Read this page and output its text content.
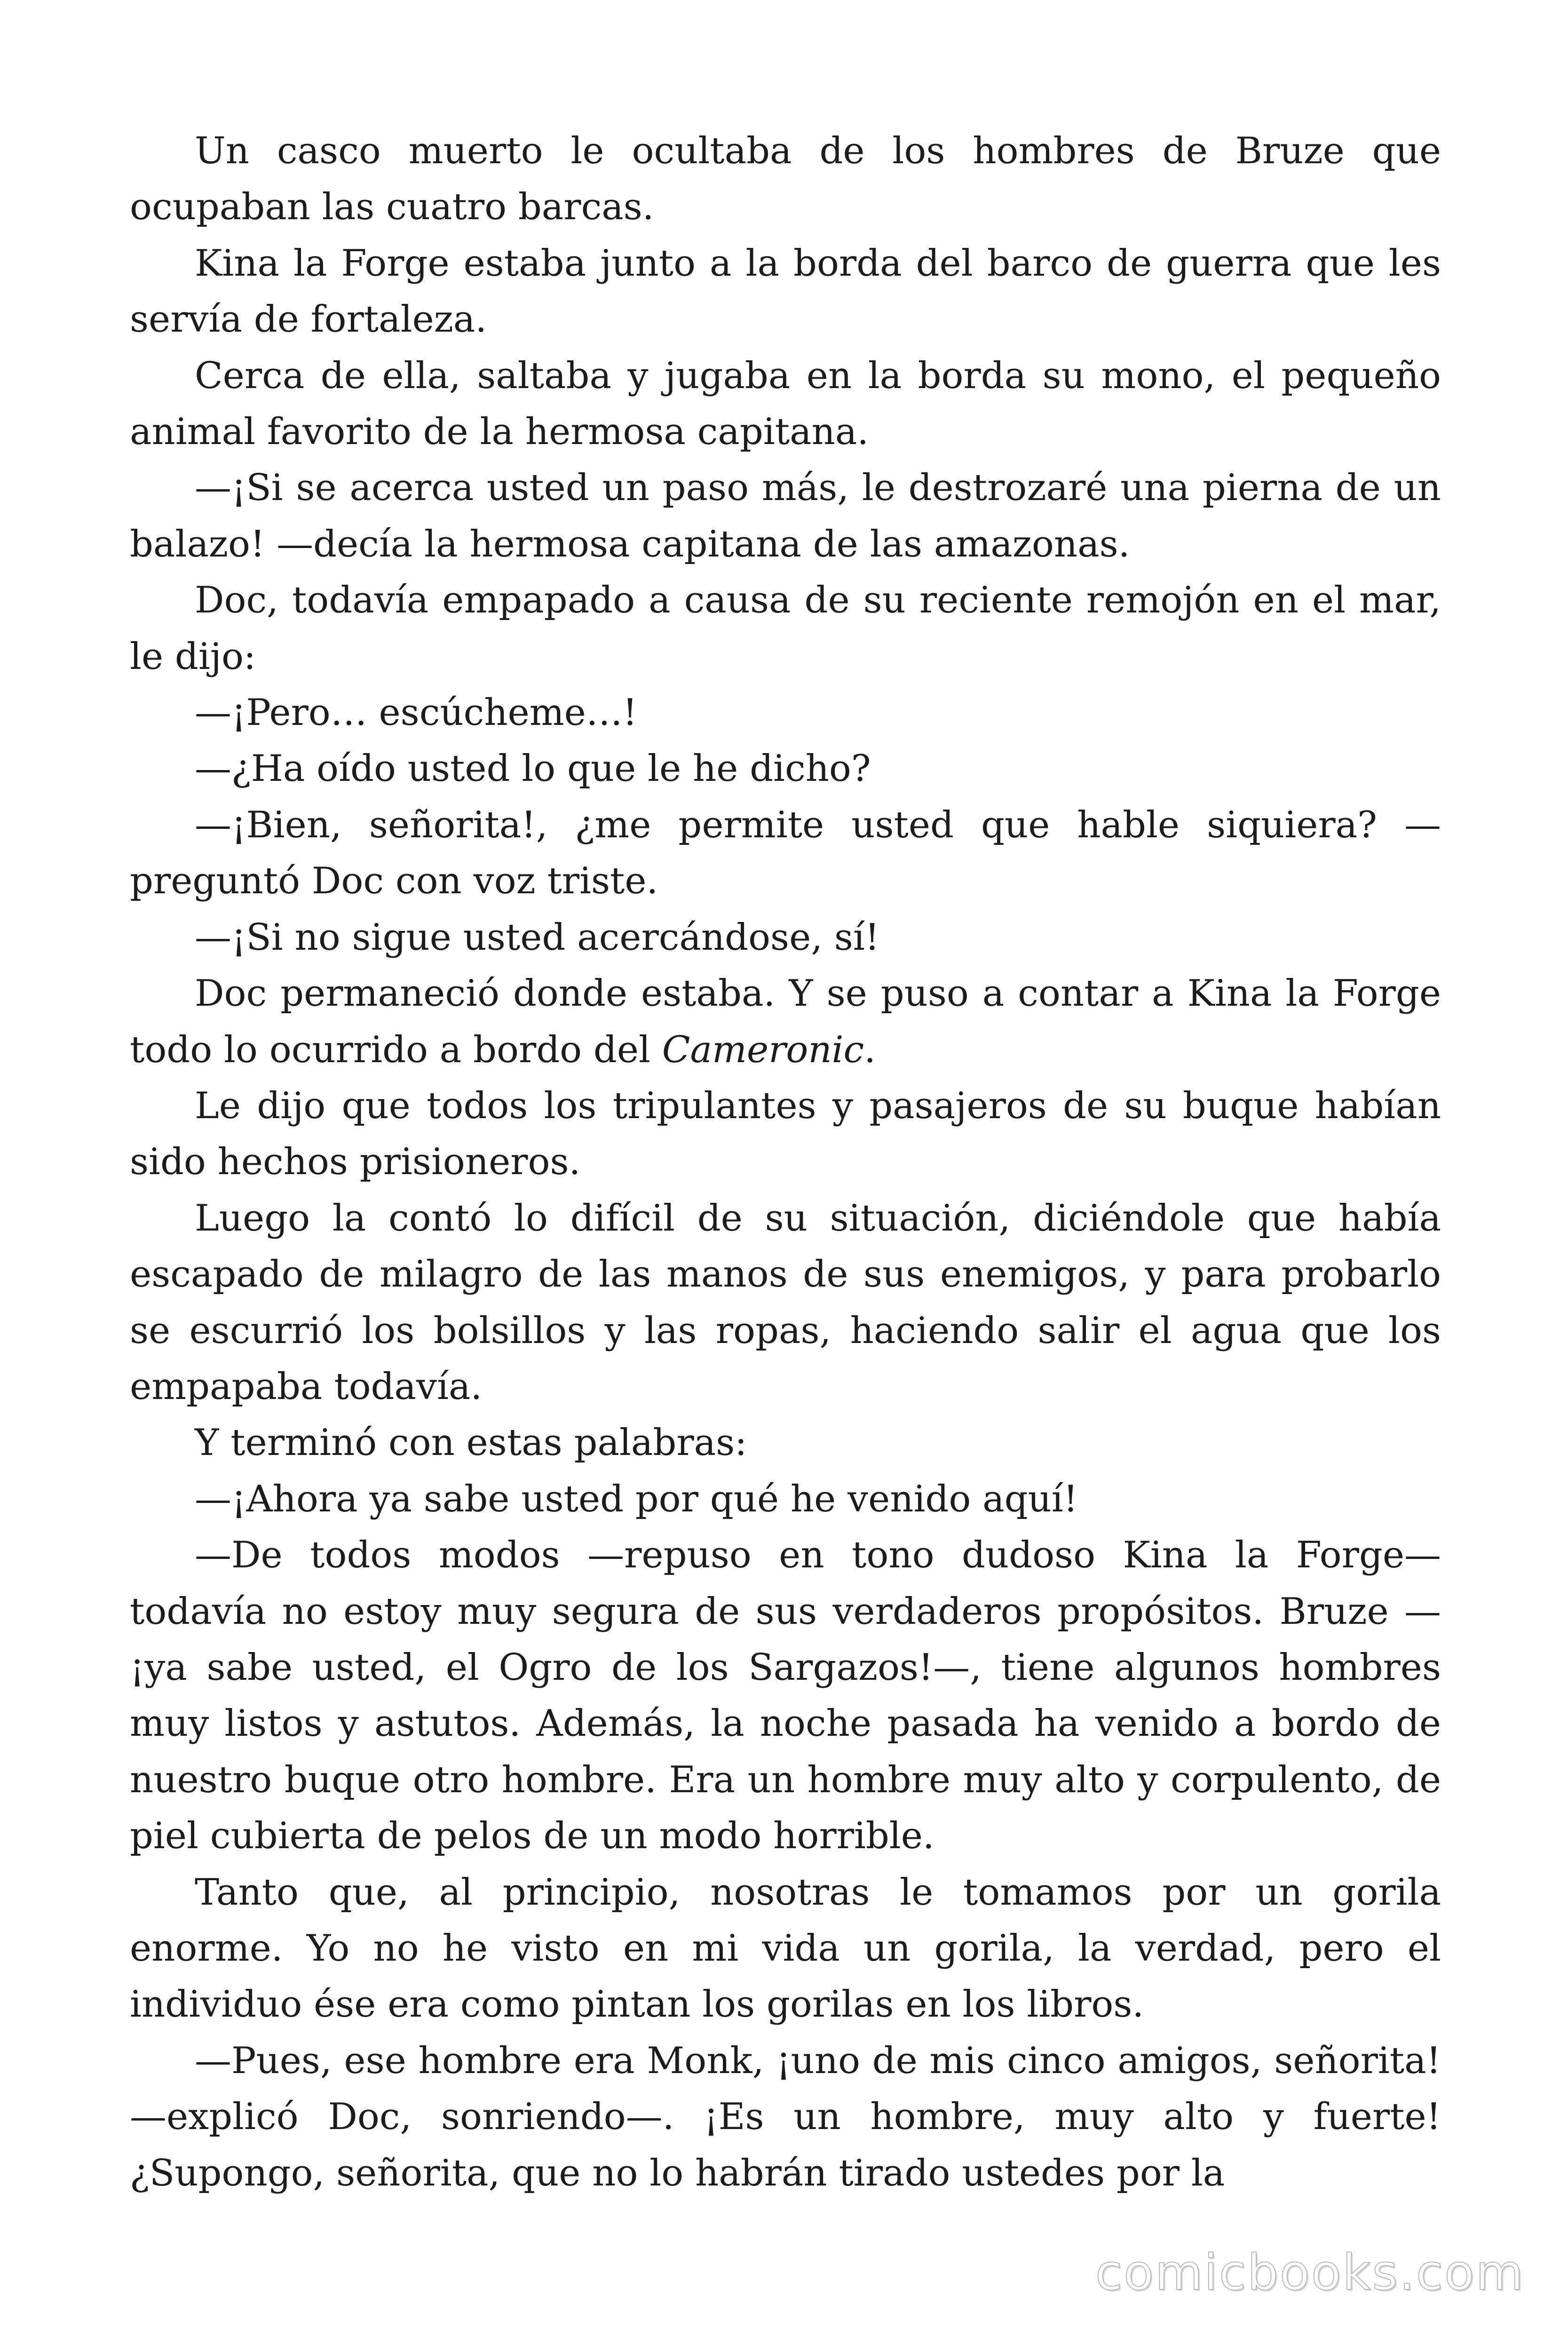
Un casco muerto le ocultaba de los hombres de Bruze que ocupaban las cuatro barcas.

Kina la Forge estaba junto a la borda del barco de guerra que les servía de fortaleza.

Cerca de ella, saltaba y jugaba en la borda su mono, el pequeño animal favorito de la hermosa capitana.

—¡Si se acerca usted un paso más, le destrozaré una pierna de un balazo! —decía la hermosa capitana de las amazonas.

Doc, todavía empapado a causa de su reciente remojón en el mar, le dijo:

—¡Pero… escúcheme…!

—¿Ha oído usted lo que le he dicho?

—¡Bien, señorita!, ¿me permite usted que hable siquiera? —preguntó Doc con voz triste.

—¡Si no sigue usted acercándose, sí!

Doc permaneció donde estaba. Y se puso a contar a Kina la Forge todo lo ocurrido a bordo del Cameronic.

Le dijo que todos los tripulantes y pasajeros de su buque habían sido hechos prisioneros.

Luego la contó lo difícil de su situación, diciéndole que había escapado de milagro de las manos de sus enemigos, y para probarlo se escurrió los bolsillos y las ropas, haciendo salir el agua que los empapaba todavía.

Y terminó con estas palabras:

—¡Ahora ya sabe usted por qué he venido aquí!

—De todos modos —repuso en tono dudoso Kina la Forge— todavía no estoy muy segura de sus verdaderos propósitos. Bruze —¡ya sabe usted, el Ogro de los Sargazos!—, tiene algunos hombres muy listos y astutos. Además, la noche pasada ha venido a bordo de nuestro buque otro hombre. Era un hombre muy alto y corpulento, de piel cubierta de pelos de un modo horrible.

Tanto que, al principio, nosotras le tomamos por un gorila enorme. Yo no he visto en mi vida un gorila, la verdad, pero el individuo ése era como pintan los gorilas en los libros.

—Pues, ese hombre era Monk, ¡uno de mis cinco amigos, señorita! —explicó Doc, sonriendo—. ¡Es un hombre, muy alto y fuerte! ¿Supongo, señorita, que no lo habrán tirado ustedes por la

comicbooks.com
